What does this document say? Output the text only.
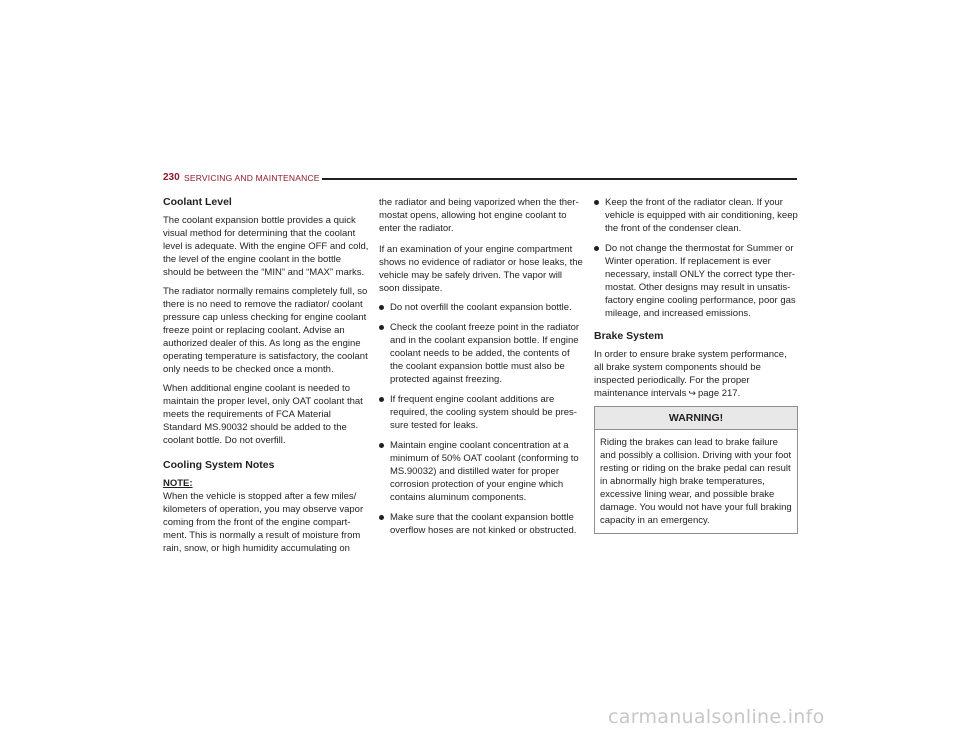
230 SERVICING AND MAINTENANCE
Coolant Level

The coolant expansion bottle provides a quick visual method for determining that the coolant level is adequate. With the engine OFF and cold, the level of the engine coolant in the bottle should be between the “MIN” and “MAX” marks.

The radiator normally remains completely full, so there is no need to remove the radiator/ coolant pressure cap unless checking for engine coolant freeze point or replacing coolant. Advise an authorized dealer of this. As long as the engine operating temperature is satisfactory, the coolant only needs to be checked once a month.

When additional engine coolant is needed to maintain the proper level, only OAT coolant that meets the requirements of FCA Material Standard MS.90032 should be added to the coolant bottle. Do not overfill.

Cooling System Notes
NOTE:

When the vehicle is stopped after a few miles/ kilometers of operation, you may observe vapor coming from the front of the engine compart-ment. This is normally a result of moisture from rain, snow, or high humidity accumulating on

the radiator and being vaporized when the ther-mostat opens, allowing hot engine coolant to enter the radiator.

If an examination of your engine compartment shows no evidence of radiator or hose leaks, the vehicle may be safely driven. The vapor will soon dissipate.

Do not overfill the coolant expansion bottle.
Check the coolant freeze point in the radiator and in the coolant expansion bottle. If engine coolant needs to be added, the contents of the coolant expansion bottle must also be protected against freezing.
If frequent engine coolant additions are required, the cooling system should be pres-sure tested for leaks.
Maintain engine coolant concentration at a minimum of 50% OAT coolant (conforming to MS.90032) and distilled water for proper corrosion protection of your engine which contains aluminum components.
Make sure that the coolant expansion bottle overflow hoses are not kinked or obstructed.
Keep the front of the radiator clean. If your vehicle is equipped with air conditioning, keep the front of the condenser clean.
Do not change the thermostat for Summer or Winter operation. If replacement is ever necessary, install ONLY the correct type ther-mostat. Other designs may result in unsatis-factory engine cooling performance, poor gas mileage, and increased emissions.
Brake System

In order to ensure brake system performance, all brake system components should be inspected periodically. For the proper maintenance intervals ↪ page 217.

WARNING!
Riding the brakes can lead to brake failure and possibly a collision. Driving with your foot resting or riding on the brake pedal can result in abnormally high brake temperatures, excessive lining wear, and possible brake damage. You would not have your full braking capacity in an emergency.
carmanualsonline.info
